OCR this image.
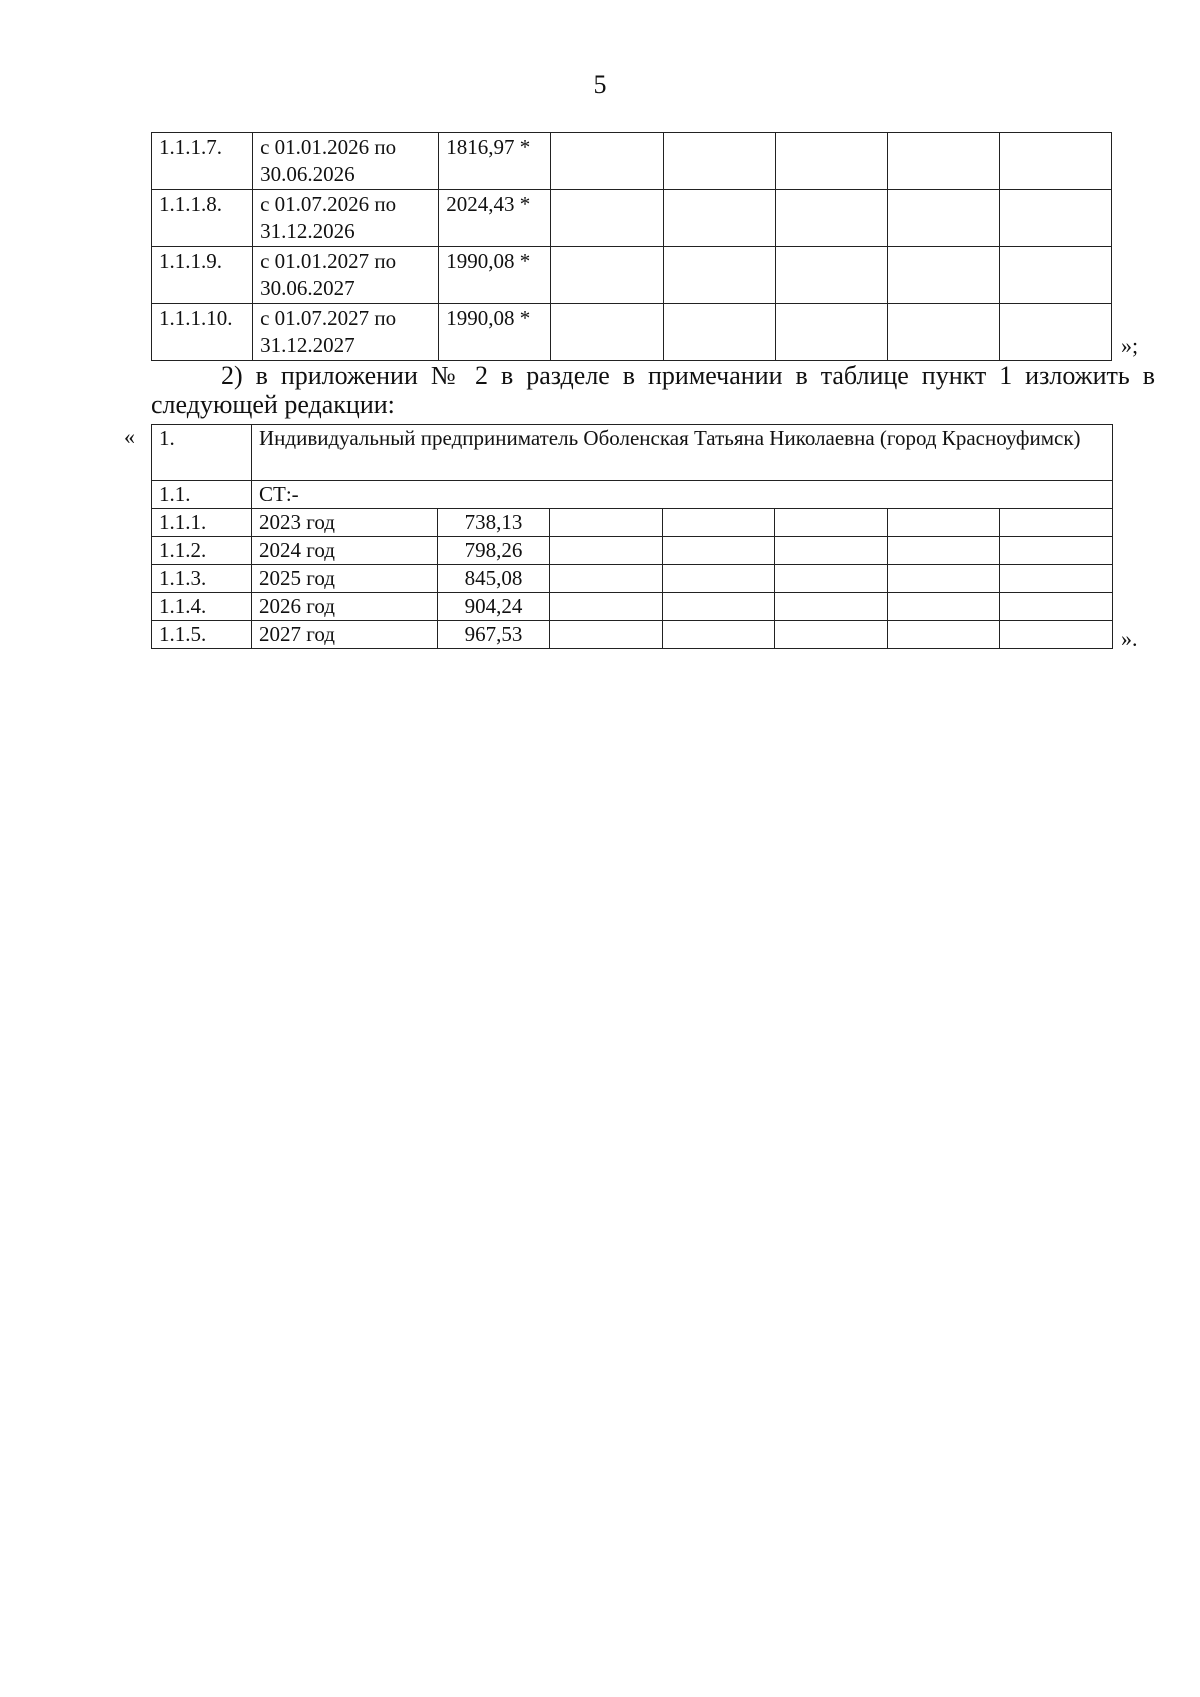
5
1.1.1.7.	с 01.01.2026 по 30.06.2026	1816,97 *					
1.1.1.8.	с 01.07.2026 по 31.12.2026	2024,43 *					
1.1.1.9.	с 01.01.2027 по 30.06.2027	1990,08 *					
1.1.1.10.	с 01.07.2027 по 31.12.2027	1990,08 *					
»;
2) в приложении № 2 в разделе в примечании в таблице пункт 1 изложить в следующей редакции:
« 1.	Индивидуальный предприниматель Оболенская Татьяна Николаевна (город Красноуфимск)						
1.1.	СТ:-						
1.1.1.	2023 год	738,13					
1.1.2.	2024 год	798,26					
1.1.3.	2025 год	845,08					
1.1.4.	2026 год	904,24					
1.1.5.	2027 год	967,53						».
